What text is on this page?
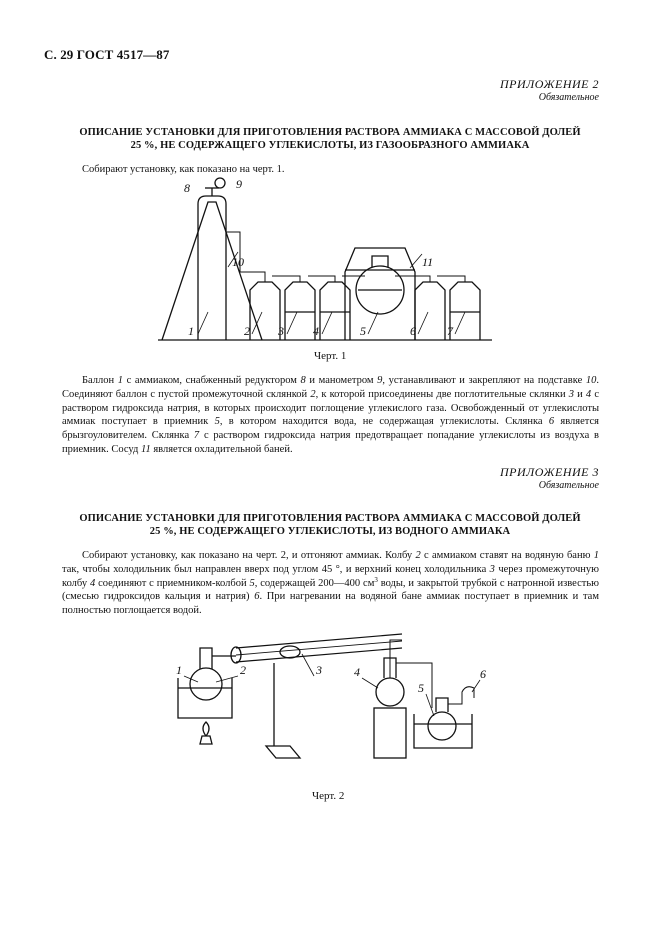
С. 29 ГОСТ 4517—87
ПРИЛОЖЕНИЕ 2
Обязательное
ОПИСАНИЕ УСТАНОВКИ ДЛЯ ПРИГОТОВЛЕНИЯ РАСТВОРА АММИАКА С МАССОВОЙ ДОЛЕЙ
25 %, НЕ СОДЕРЖАЩЕГО УГЛЕКИСЛОТЫ, ИЗ ГАЗООБРАЗНОГО АММИАКА
Собирают установку, как показано на черт. 1.
8	9
10	11
1	2 3 4	5	6	7
Черт. 1
Баллон 1 с аммиаком, снабженный редуктором 8 и манометром 9, устанавливают и закрепляют на подставке 10. Соединяют баллон с пустой промежуточной склянкой 2, к которой присоединены две поглотительные склянки 3 и 4 с раствором гидроксида натрия, в которых происходит поглощение углекислого газа. Освобожденный от углекислоты аммиак поступает в приемник 5, в котором находится вода, не содержащая углекислоты. Склянка 6 является брызгоуловителем. Склянка 7 с раствором гидроксида натрия предотвращает попадание углекислоты из воздуха в приемник. Сосуд 11 является охладительной баней.
ПРИЛОЖЕНИЕ 3
Обязательное
ОПИСАНИЕ УСТАНОВКИ ДЛЯ ПРИГОТОВЛЕНИЯ РАСТВОРА АММИАКА С МАССОВОЙ ДОЛЕЙ
25 %, НЕ СОДЕРЖАЩЕГО УГЛЕКИСЛОТЫ, ИЗ ВОДНОГО АММИАКА
Собирают установку, как показано на черт. 2, и отгоняют аммиак. Колбу 2 с аммиаком ставят на водяную баню 1 так, чтобы холодильник был направлен вверх под углом 45 °, и верхний конец холодильника 3 через промежуточную колбу 4 соединяют с приемником-колбой 5, содержащей 200—400 $см^3$ воды, и закрытой трубкой с натронной известью (смесью гидроксидов кальция и натрия) 6. При нагревании на водяной бане аммиак поступает в приемник и там полностью поглощается водой.
1	2	3	4
5
6
Черт. 2
